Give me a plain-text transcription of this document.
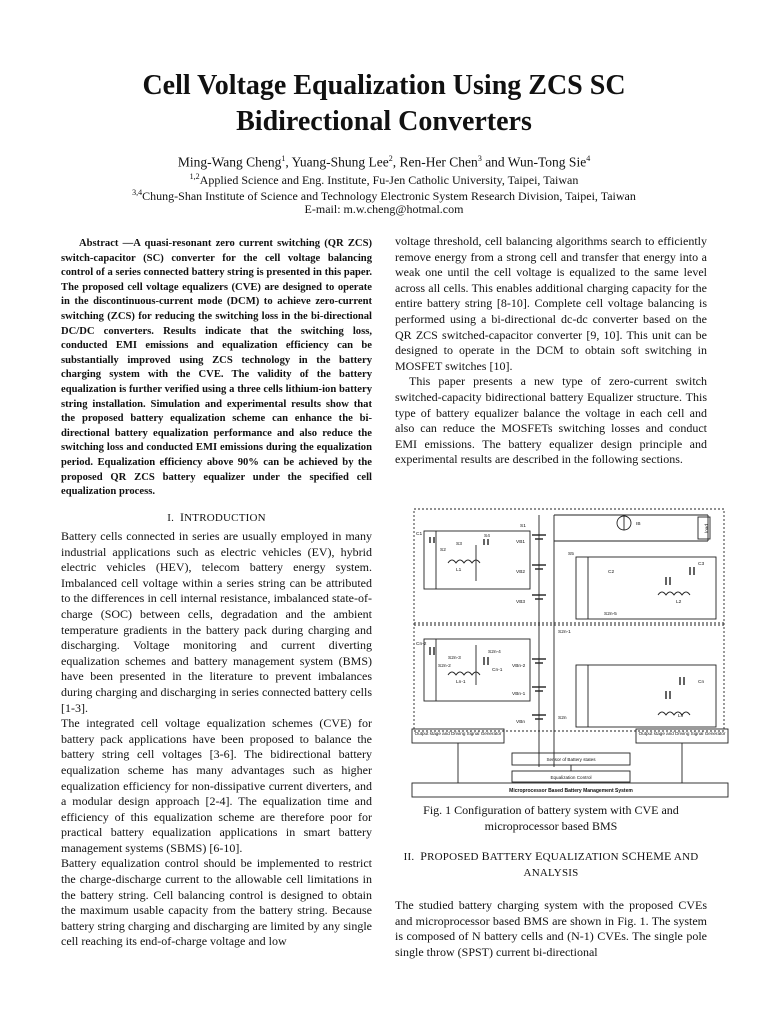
Cell Voltage Equalization Using ZCS SC
Bidirectional Converters
Ming-Wang Cheng$^1$, Yuang-Shung Lee$^2$, Ren-Her Chen$^3$ and Wun-Tong Sie$^4$
$^{1,2}$Applied Science and Eng. Institute, Fu-Jen Catholic University, Taipei, Taiwan
$^{3,4}$Chung-Shan Institute of Science and Technology Electronic System Research Division, Taipei, Taiwan
E-mail: m.w.cheng@hotmal.com
Abstract —A quasi-resonant zero current switching (QR ZCS) switch-capacitor (SC) converter for the cell voltage balancing control of a series connected battery string is presented in this paper. The proposed cell voltage equalizers (CVE) are designed to operate in the discontinuous-current mode (DCM) to achieve zero-current switching (ZCS) for reducing the switching loss in the bi-directional DC/DC converters. Results indicate that the switching loss, conducted EMI emissions and equalization efficiency can be substantially improved using ZCS technology in the battery charging system with the CVE. The validity of the battery equalization is further verified using a three cells lithium-ion battery string installation. Simulation and experimental results show that the proposed battery equalization scheme can enhance the bi-directional battery equalization performance and also reduce the switching loss and conducted EMI emissions during the equalization period. Equalization efficiency above 90% can be achieved by the proposed QR ZCS battery equalizer under the specified cell equalization process.
I. INTRODUCTION

Battery cells connected in series are usually employed in many industrial applications such as electric vehicles (EV), hybrid electric vehicles (HEV), telecom battery energy system. Imbalanced cell voltage within a series string can be attributed to the differences in cell internal resistance, imbalanced state-of-charge (SOC) between cells, degradation and the ambient temperature gradients in the battery pack during charging and discharging. Voltage monitoring and current diverting equalization schemes and battery management system (BMS) have been presented in the literature to prevent imbalances during charging and discharging in series connected battery cells [1-3].

The integrated cell voltage equalization schemes (CVE) for battery pack applications have been proposed to balance the battery string cell voltages [3-6]. The bidirectional battery equalization scheme has many advantages such as higher equalization efficiency for non-dissipative current diverters, and a modular design approach [2-4]. The equalization time and efficiency of this equalization scheme are therefore poor for practical battery equalization applications in smart battery management systems (SBMS) [6-10].

Battery equalization control should be implemented to restrict the charge-discharge current to the allowable cell limitations in the battery string. Cell balancing control is designed to obtain the maximum usable capacity from the battery string. Because battery string charging and discharging are limited by any single cell reaching its end-of-charge voltage and low

voltage threshold, cell balancing algorithms search to efficiently remove energy from a strong cell and transfer that energy into a weak one until the cell voltage is equalized to the same level across all cells. This enables additional charging capacity for the entire battery string [8-10]. Complete cell voltage balancing is performed using a bi-directional dc-dc converter based on the QR ZCS switched-capacitor converter [9, 10]. This unit can be designed to operate in the DCM to obtain soft switching in MOSFET switches [10].

This paper presents a new type of zero-current switch switched-capacity bidirectional battery Equalizer structure. This type of battery equalizer balance the voltage in each cell and also can reduce the MOSFETs switching losses and conduct EMI emissions. The battery equalizer design principle and experimental results are described in the following sections.

S1
C1
VB1
VB2
VB3
VBn-2
VBn-1
VBn
S4
S3
S2
L1
S5
C2
C3
L2
S2n-5
Cn-2
S2n-4
S2n-3
S2n-2
Cn-1
Ln-1
S2n-1
S2n
Cn
Ln
IB	load
Output stage and Driving Signal Generator	Output stage and Driving Signal Generator
Sensor of Battery states
Equalization Control
Microprocessor Based Battery Management System
Fig. 1 Configuration of battery system with CVE and microprocessor based BMS
II. PROPOSED BATTERY EQUALIZATION SCHEME AND
ANALYSIS

The studied battery charging system with the proposed CVEs and microprocessor based BMS are shown in Fig. 1. The system is composed of N battery cells and (N-1) CVEs. The single pole single throw (SPST) current bi-directional
